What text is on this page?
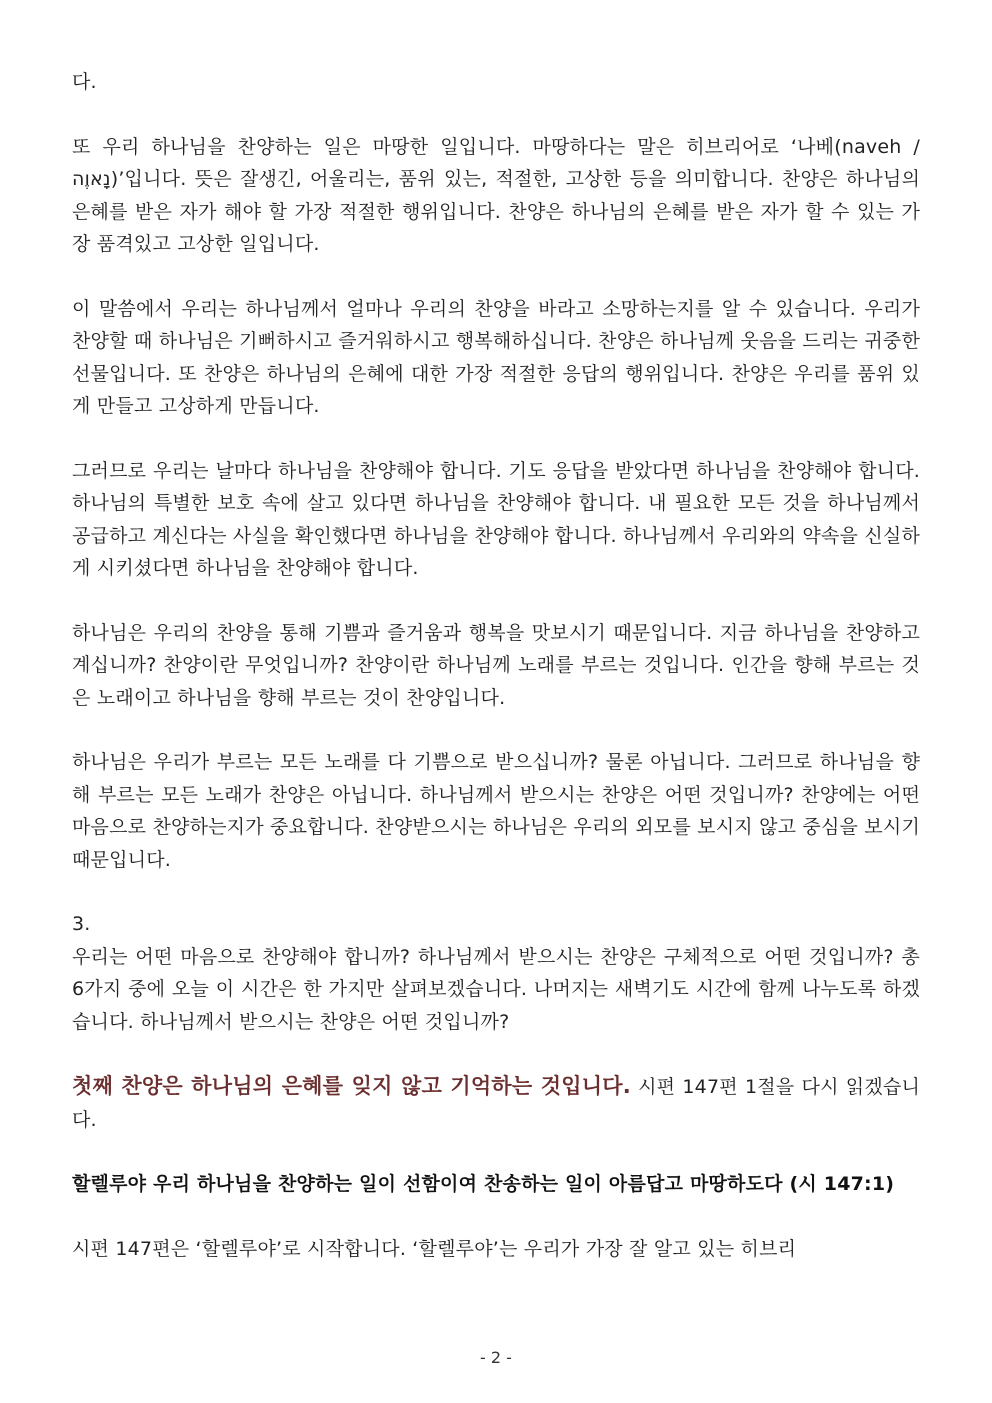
다.

또 우리 하나님을 찬양하는 일은 마땅한 일입니다. 마땅하다는 말은 히브리어로 ‘나베(naveh / נָאוֶה)’입니다. 뜻은 잘생긴, 어울리는, 품위 있는, 적절한, 고상한 등을 의미합니다. 찬양은 하나님의 은혜를 받은 자가 해야 할 가장 적절한 행위입니다. 찬양은 하나님의 은혜를 받은 자가 할 수 있는 가장 품격있고 고상한 일입니다.

이 말씀에서 우리는 하나님께서 얼마나 우리의 찬양을 바라고 소망하는지를 알 수 있습니다. 우리가 찬양할 때 하나님은 기뻐하시고 즐거워하시고 행복해하십니다. 찬양은 하나님께 웃음을 드리는 귀중한 선물입니다. 또 찬양은 하나님의 은혜에 대한 가장 적절한 응답의 행위입니다. 찬양은 우리를 품위 있게 만들고 고상하게 만듭니다.

그러므로 우리는 날마다 하나님을 찬양해야 합니다. 기도 응답을 받았다면 하나님을 찬양해야 합니다. 하나님의 특별한 보호 속에 살고 있다면 하나님을 찬양해야 합니다. 내 필요한 모든 것을 하나님께서 공급하고 계신다는 사실을 확인했다면 하나님을 찬양해야 합니다. 하나님께서 우리와의 약속을 신실하게 시키셨다면 하나님을 찬양해야 합니다.

하나님은 우리의 찬양을 통해 기쁨과 즐거움과 행복을 맛보시기 때문입니다. 지금 하나님을 찬양하고 계십니까? 찬양이란 무엇입니까? 찬양이란 하나님께 노래를 부르는 것입니다. 인간을 향해 부르는 것은 노래이고 하나님을 향해 부르는 것이 찬양입니다.

하나님은 우리가 부르는 모든 노래를 다 기쁨으로 받으십니까? 물론 아닙니다. 그러므로 하나님을 향해 부르는 모든 노래가 찬양은 아닙니다. 하나님께서 받으시는 찬양은 어떤 것입니까? 찬양에는 어떤 마음으로 찬양하는지가 중요합니다. 찬양받으시는 하나님은 우리의 외모를 보시지 않고 중심을 보시기 때문입니다.

3.

우리는 어떤 마음으로 찬양해야 합니까? 하나님께서 받으시는 찬양은 구체적으로 어떤 것입니까? 총 6가지 중에 오늘 이 시간은 한 가지만 살펴보겠습니다. 나머지는 새벽기도 시간에 함께 나누도록 하겠습니다. 하나님께서 받으시는 찬양은 어떤 것입니까?

첫째 찬양은 하나님의 은혜를 잊지 않고 기억하는 것입니다. 시편 147편 1절을 다시 읽겠습니다.

할렐루야 우리 하나님을 찬양하는 일이 선함이여 찬송하는 일이 아름답고 마땅하도다 (시 147:1)

시편 147편은 ‘할렐루야’로 시작합니다. ‘할렐루야’는 우리가 가장 잘 알고 있는 히브리

- 2 -
